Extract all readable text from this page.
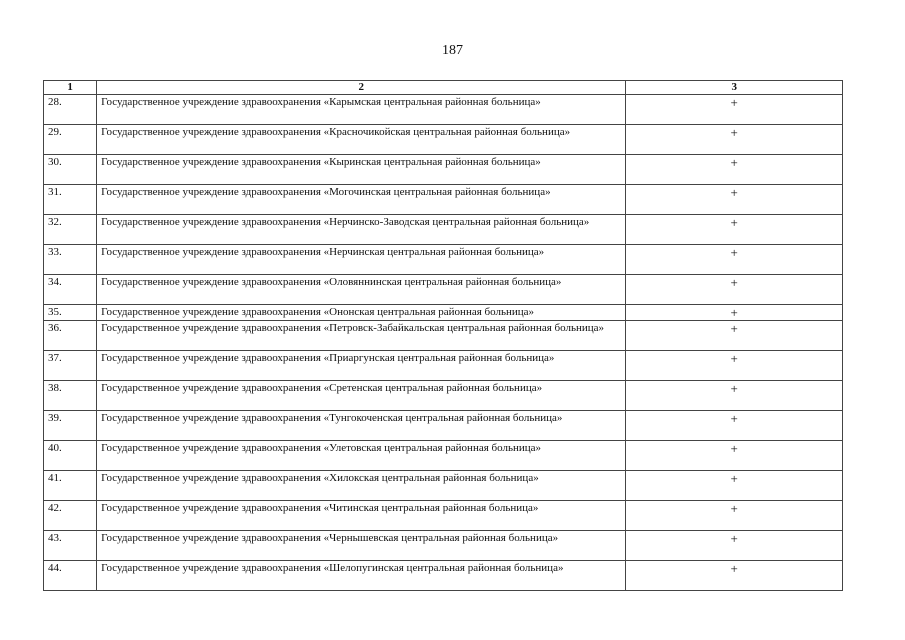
187
1	2	3
28.	Государственное учреждение здравоохранения «Карымская центральная районная больница»	+
29.	Государственное учреждение здравоохранения «Красночикойская центральная районная больница»	+
30.	Государственное учреждение здравоохранения «Кыринская центральная районная больница»	+
31.	Государственное учреждение здравоохранения «Могочинская центральная районная больница»	+
32.	Государственное учреждение здравоохранения «Нерчинско-Заводская центральная районная больница»	+
33.	Государственное учреждение здравоохранения «Нерчинская центральная районная больница»	+
34.	Государственное учреждение здравоохранения «Оловяннинская центральная районная больница»	+
35.	Государственное учреждение здравоохранения «Ононская центральная районная больница»	+
36.	Государственное учреждение здравоохранения «Петровск-Забайкальская центральная районная больница»	+
37.	Государственное учреждение здравоохранения «Приаргунская центральная районная больница»	+
38.	Государственное учреждение здравоохранения «Сретенская центральная районная больница»	+
39.	Государственное учреждение здравоохранения «Тунгокоченская центральная районная больница»	+
40.	Государственное учреждение здравоохранения «Улетовская центральная районная больница»	+
41.	Государственное учреждение здравоохранения «Хилокская центральная районная больница»	+
42.	Государственное учреждение здравоохранения «Читинская центральная районная больница»	+
43.	Государственное учреждение здравоохранения «Чернышевская центральная районная больница»	+
44.	Государственное учреждение здравоохранения «Шелопугинская центральная районная больница»	+
